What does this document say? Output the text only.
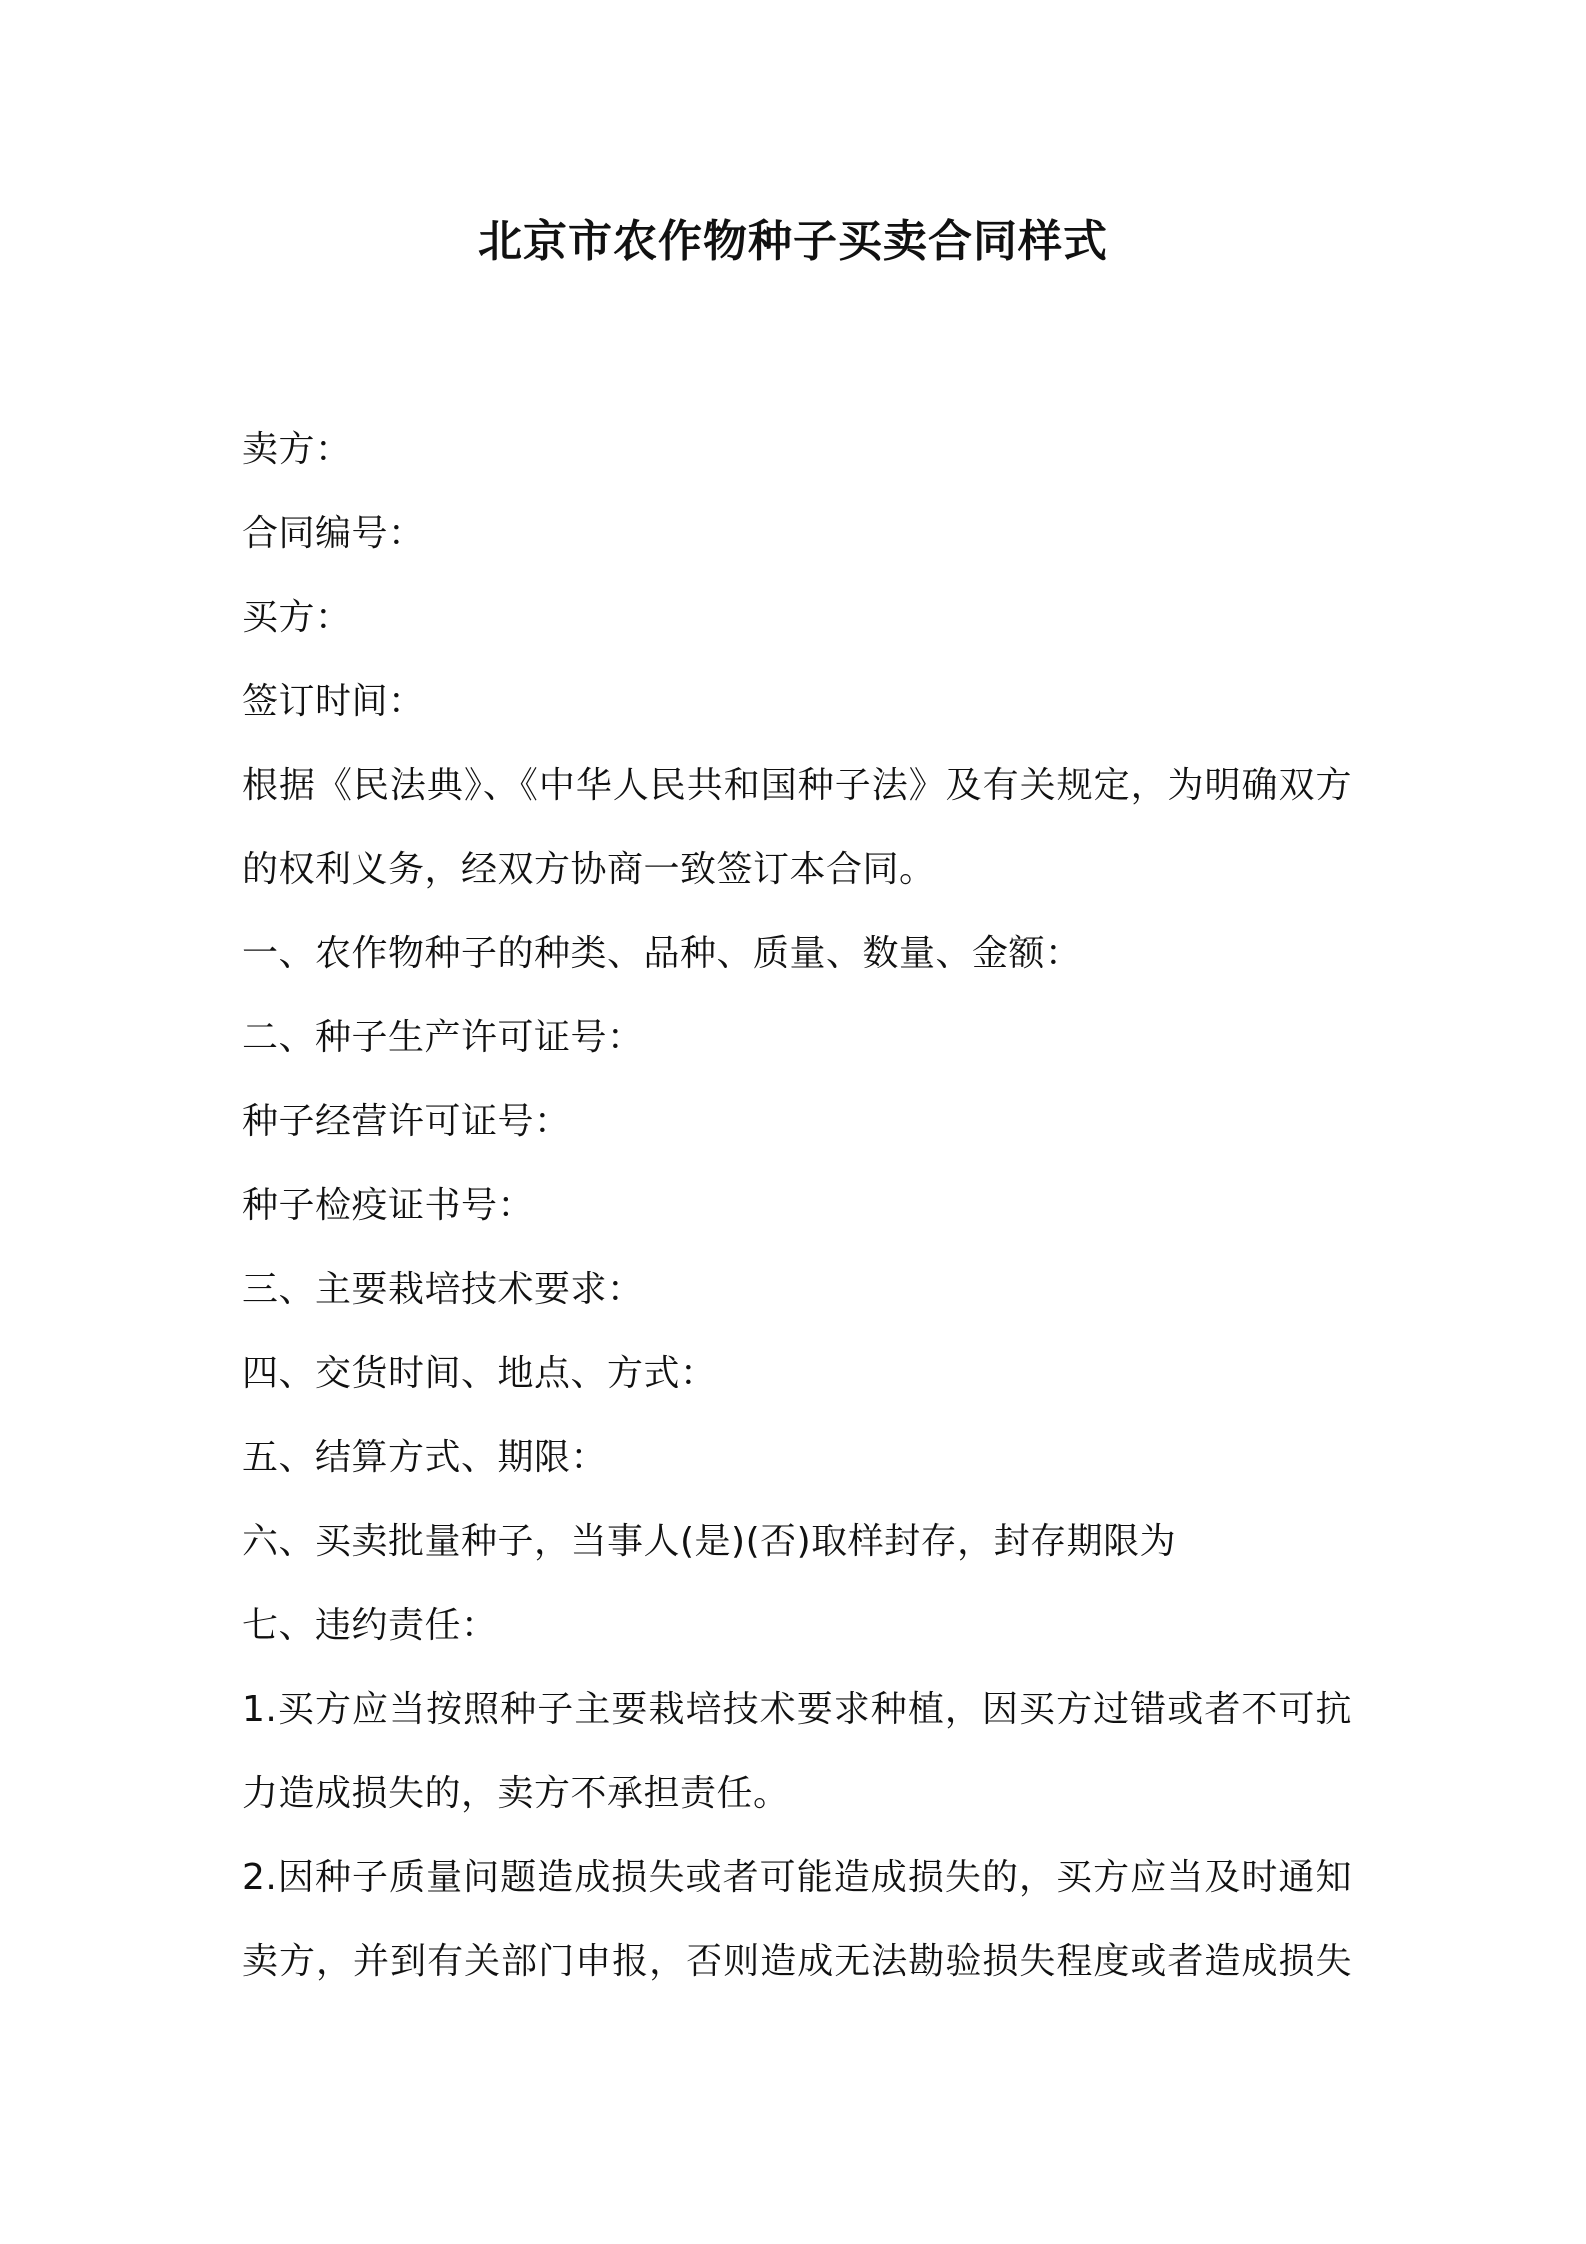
北京市农作物种子买卖合同样式
卖方：
合同编号：
买方：
签订时间：
根据《民法典》、《中华人民共和国种子法》及有关规定，为明确双方
的权利义务，经双方协商一致签订本合同。
一、农作物种子的种类、品种、质量、数量、金额：
二、种子生产许可证号：
种子经营许可证号：
种子检疫证书号：
三、主要栽培技术要求：
四、交货时间、地点、方式：
五、结算方式、期限：
六、买卖批量种子，当事人(是)(否)取样封存，封存期限为
七、违约责任：
1.买方应当按照种子主要栽培技术要求种植，因买方过错或者不可抗
力造成损失的，卖方不承担责任。
2.因种子质量问题造成损失或者可能造成损失的，买方应当及时通知
卖方，并到有关部门申报，否则造成无法勘验损失程度或者造成损失
